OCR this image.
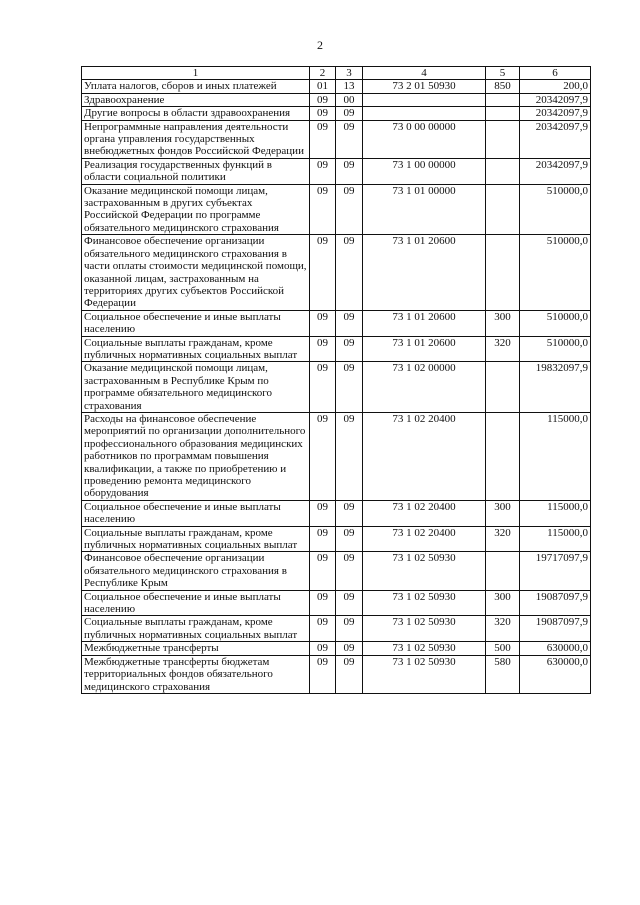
2
1	2	3	4	5	6
Уплата налогов, сборов и иных платежей	01	13	73 2 01 50930	850	200,0
Здравоохранение	09	00			20342097,9
Другие вопросы в области здравоохранения	09	09			20342097,9
Непрограммные направления деятельности органа управления государственных внебюджетных фондов Российской Федерации	09	09	73 0 00 00000		20342097,9
Реализация государственных функций в области социальной политики	09	09	73 1 00 00000		20342097,9
Оказание медицинской помощи лицам, застрахованным в других субъектах Российской Федерации по программе обязательного медицинского страхования	09	09	73 1 01 00000		510000,0
Финансовое обеспечение организации обязательного медицинского страхования в части оплаты стоимости медицинской помощи, оказанной лицам, застрахованным на территориях других субъектов Российской Федерации	09	09	73 1 01 20600		510000,0
Социальное обеспечение и иные выплаты населению	09	09	73 1 01 20600	300	510000,0
Социальные выплаты гражданам, кроме публичных нормативных социальных выплат	09	09	73 1 01 20600	320	510000,0
Оказание медицинской помощи лицам, застрахованным в Республике Крым по программе обязательного медицинского страхования	09	09	73 1 02 00000		19832097,9
Расходы на финансовое обеспечение мероприятий по организации дополнительного профессионального образования медицинских работников по программам повышения квалификации, а также по приобретению и проведению ремонта медицинского оборудования	09	09	73 1 02 20400		115000,0
Социальное обеспечение и иные выплаты населению	09	09	73 1 02 20400	300	115000,0
Социальные выплаты гражданам, кроме публичных нормативных социальных выплат	09	09	73 1 02 20400	320	115000,0
Финансовое обеспечение организации обязательного медицинского страхования в Республике Крым	09	09	73 1 02 50930		19717097,9
Социальное обеспечение и иные выплаты населению	09	09	73 1 02 50930	300	19087097,9
Социальные выплаты гражданам, кроме публичных нормативных социальных выплат	09	09	73 1 02 50930	320	19087097,9
Межбюджетные трансферты	09	09	73 1 02 50930	500	630000,0
Межбюджетные трансферты бюджетам территориальных фондов обязательного медицинского страхования	09	09	73 1 02 50930	580	630000,0
